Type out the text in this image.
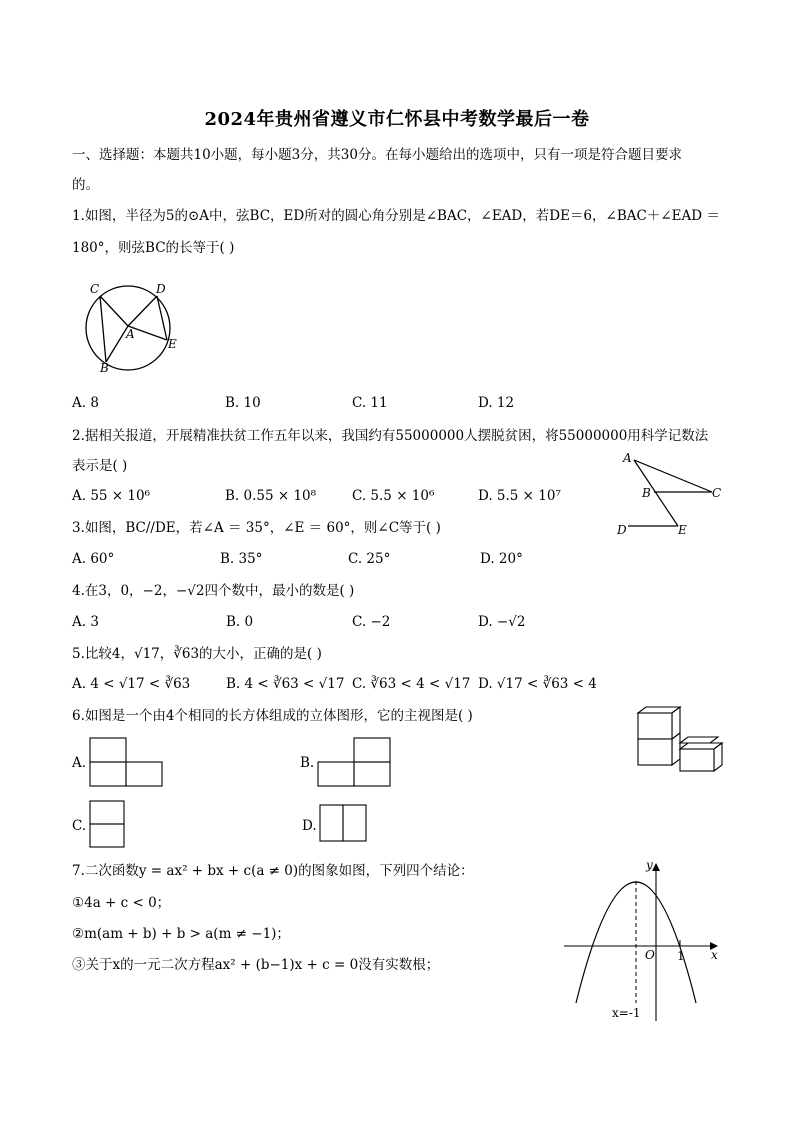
2024年贵州省遵义市仁怀县中考数学最后一卷
一、选择题：本题共10小题，每小题3分，共30分。在每小题给出的选项中，只有一项是符合题目要求
的。
1.如图，半径为5的⊙A中，弦BC，ED所对的圆心角分别是∠BAC，∠EAD，若DE＝6，∠BAC＋∠EAD ＝
180°，则弦BC的长等于( )
C	D
A
E
B
A. 8	B. 10	C. 11	D. 12
2.据相关报道，开展精准扶贫工作五年以来，我国约有55000000人摆脱贫困，将55000000用科学记数法
表示是( )
A. 55 × 10⁶	B. 0.55 × 10⁸	C. 5.5 × 10⁶	D. 5.5 × 10⁷
A
B	C
D	E
3.如图，BC//DE，若∠A ＝ 35°，∠E ＝ 60°，则∠C等于( )
A. 60°	B. 35°	C. 25°	D. 20°
4.在3，0，−2，−√2四个数中，最小的数是( )
A. 3	B. 0	C. −2	D. −√2
5.比较4，√17，∛63的大小，正确的是( )
A. 4 < √17 < ∛63	B. 4 < ∛63 < √17 C. ∛63 < 4 < √17 D. √17 < ∛63 < 4
6.如图是一个由4个相同的长方体组成的立体图形，它的主视图是( )
A.	B.
C.	D.
7.二次函数y = ax² + bx + c(a ≠ 0)的图象如图，下列四个结论：
①4a + c < 0；
②m(am + b) + b > a(m ≠ −1)；
③关于x的一元二次方程ax² + (b−1)x + c = 0没有实数根；
y
O 1 x
x=-1
